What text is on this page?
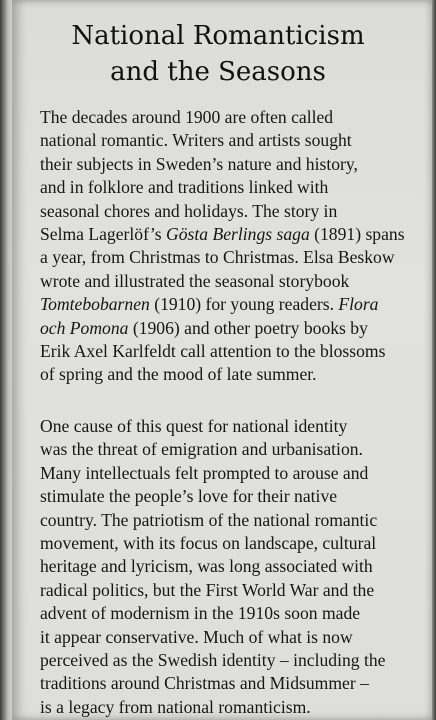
National Romanticism
and the Seasons

The decades around 1900 are often called
national romantic. Writers and artists sought
their subjects in Sweden’s nature and history,
and in folklore and traditions linked with
seasonal chores and holidays. The story in
Selma Lagerlöf’s Gösta Berlings saga (1891) spans
a year, from Christmas to Christmas. Elsa Beskow
wrote and illustrated the seasonal storybook
Tomtebobarnen (1910) for young readers. Flora
och Pomona (1906) and other poetry books by
Erik Axel Karlfeldt call attention to the blossoms
of spring and the mood of late summer.

One cause of this quest for national identity
was the threat of emigration and urbanisation.
Many intellectuals felt prompted to arouse and
stimulate the people’s love for their native
country. The patriotism of the national romantic
movement, with its focus on landscape, cultural
heritage and lyricism, was long associated with
radical politics, but the First World War and the
advent of modernism in the 1910s soon made
it appear conservative. Much of what is now
perceived as the Swedish identity – including the
traditions around Christmas and Midsummer –
is a legacy from national romanticism.
